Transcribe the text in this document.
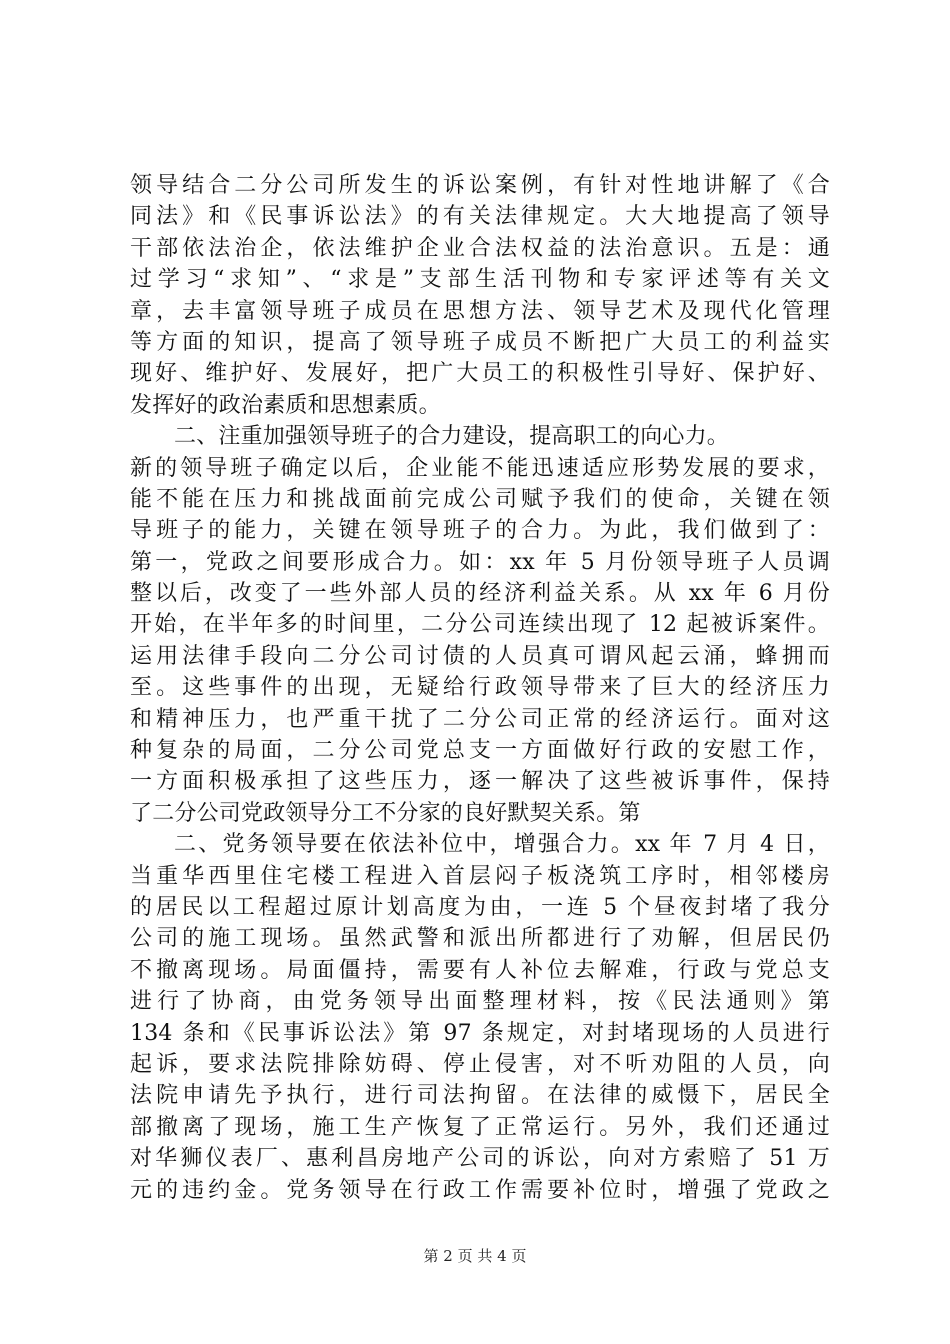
领导结合二分公司所发生的诉讼案例，有针对性地讲解了《合
同法》和《民事诉讼法》的有关法律规定。大大地提高了领导
干部依法治企，依法维护企业合法权益的法治意识。五是：通
过学习“求知”、“求是”支部生活刊物和专家评述等有关文
章，去丰富领导班子成员在思想方法、领导艺术及现代化管理
等方面的知识，提高了领导班子成员不断把广大员工的利益实
现好、维护好、发展好，把广大员工的积极性引导好、保护好、
发挥好的政治素质和思想素质。
二、注重加强领导班子的合力建设，提高职工的向心力。
新的领导班子确定以后，企业能不能迅速适应形势发展的要求，
能不能在压力和挑战面前完成公司赋予我们的使命，关键在领
导班子的能力，关键在领导班子的合力。为此，我们做到了：
第一，党政之间要形成合力。如：xx 年 5 月份领导班子人员调
整以后，改变了一些外部人员的经济利益关系。从 xx 年 6 月份
开始，在半年多的时间里，二分公司连续出现了 12 起被诉案件。
运用法律手段向二分公司讨债的人员真可谓风起云涌，蜂拥而
至。这些事件的出现，无疑给行政领导带来了巨大的经济压力
和精神压力，也严重干扰了二分公司正常的经济运行。面对这
种复杂的局面，二分公司党总支一方面做好行政的安慰工作，
一方面积极承担了这些压力，逐一解决了这些被诉事件，保持
了二分公司党政领导分工不分家的良好默契关系。第
二、党务领导要在依法补位中，增强合力。xx 年 7 月 4 日，
当重华西里住宅楼工程进入首层闷子板浇筑工序时，相邻楼房
的居民以工程超过原计划高度为由，一连 5 个昼夜封堵了我分
公司的施工现场。虽然武警和派出所都进行了劝解，但居民仍
不撤离现场。局面僵持，需要有人补位去解难，行政与党总支
进行了协商，由党务领导出面整理材料，按《民法通则》第
134 条和《民事诉讼法》第 97 条规定，对封堵现场的人员进行
起诉，要求法院排除妨碍、停止侵害，对不听劝阻的人员，向
法院申请先予执行，进行司法拘留。在法律的威慑下，居民全
部撤离了现场，施工生产恢复了正常运行。另外，我们还通过
对华狮仪表厂、惠利昌房地产公司的诉讼，向对方索赔了 51 万
元的违约金。党务领导在行政工作需要补位时，增强了党政之
第 2 页 共 4 页
